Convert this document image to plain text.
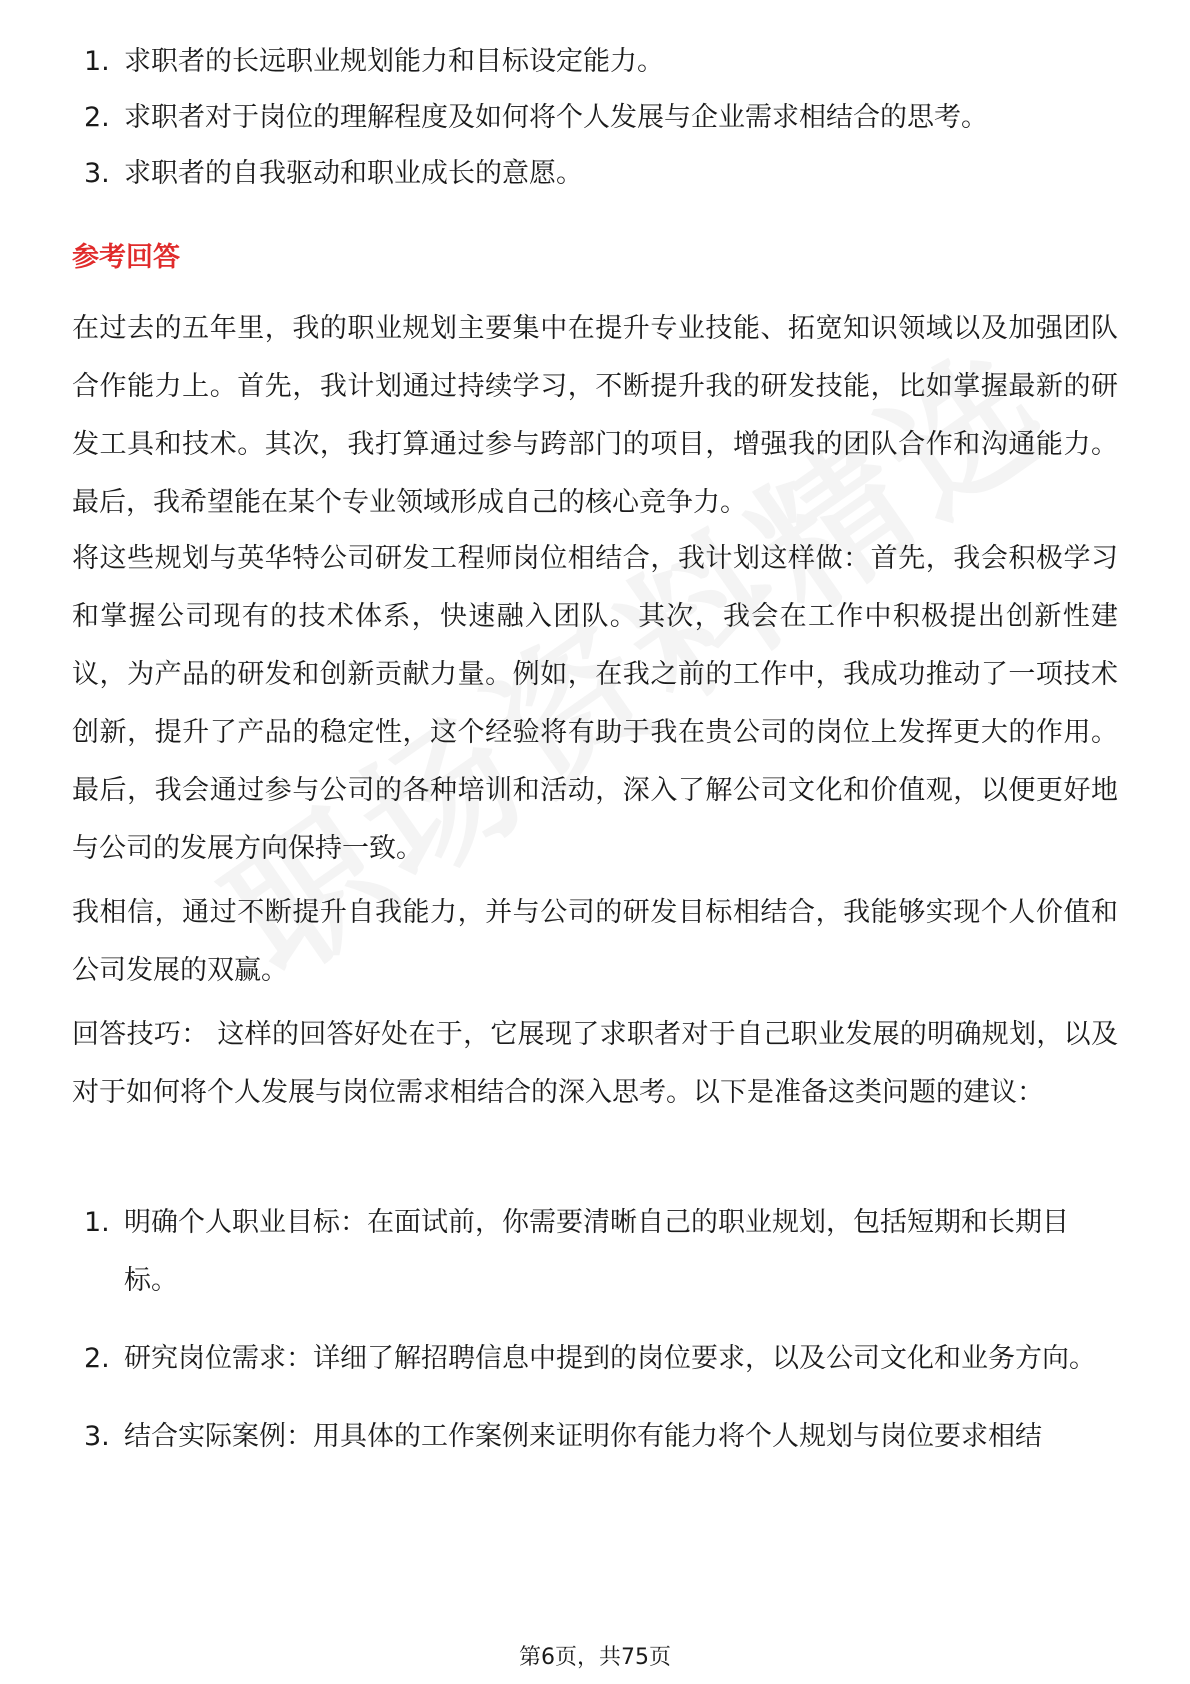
1. 求职者的长远职业规划能力和目标设定能力。
2. 求职者对于岗位的理解程度及如何将个人发展与企业需求相结合的思考。
3. 求职者的自我驱动和职业成长的意愿。
参考回答
在过去的五年里，我的职业规划主要集中在提升专业技能、拓宽知识领域以及加强团队合作能力上。首先，我计划通过持续学习，不断提升我的研发技能，比如掌握最新的研发工具和技术。其次，我打算通过参与跨部门的项目，增强我的团队合作和沟通能力。最后，我希望能在某个专业领域形成自己的核心竞争力。
将这些规划与英华特公司研发工程师岗位相结合，我计划这样做：首先，我会积极学习和掌握公司现有的技术体系，快速融入团队。其次，我会在工作中积极提出创新性建议，为产品的研发和创新贡献力量。例如，在我之前的工作中，我成功推动了一项技术创新，提升了产品的稳定性，这个经验将有助于我在贵公司的岗位上发挥更大的作用。最后，我会通过参与公司的各种培训和活动，深入了解公司文化和价值观，以便更好地与公司的发展方向保持一致。
我相信，通过不断提升自我能力，并与公司的研发目标相结合，我能够实现个人价值和公司发展的双赢。
回答技巧： 这样的回答好处在于，它展现了求职者对于自己职业发展的明确规划，以及对于如何将个人发展与岗位需求相结合的深入思考。以下是准备这类问题的建议：
1. 明确个人职业目标：在面试前，你需要清晰自己的职业规划，包括短期和长期目标。
2. 研究岗位需求：详细了解招聘信息中提到的岗位要求，以及公司文化和业务方向。
3. 结合实际案例：用具体的工作案例来证明你有能力将个人规划与岗位要求相结
第6页，共75页
